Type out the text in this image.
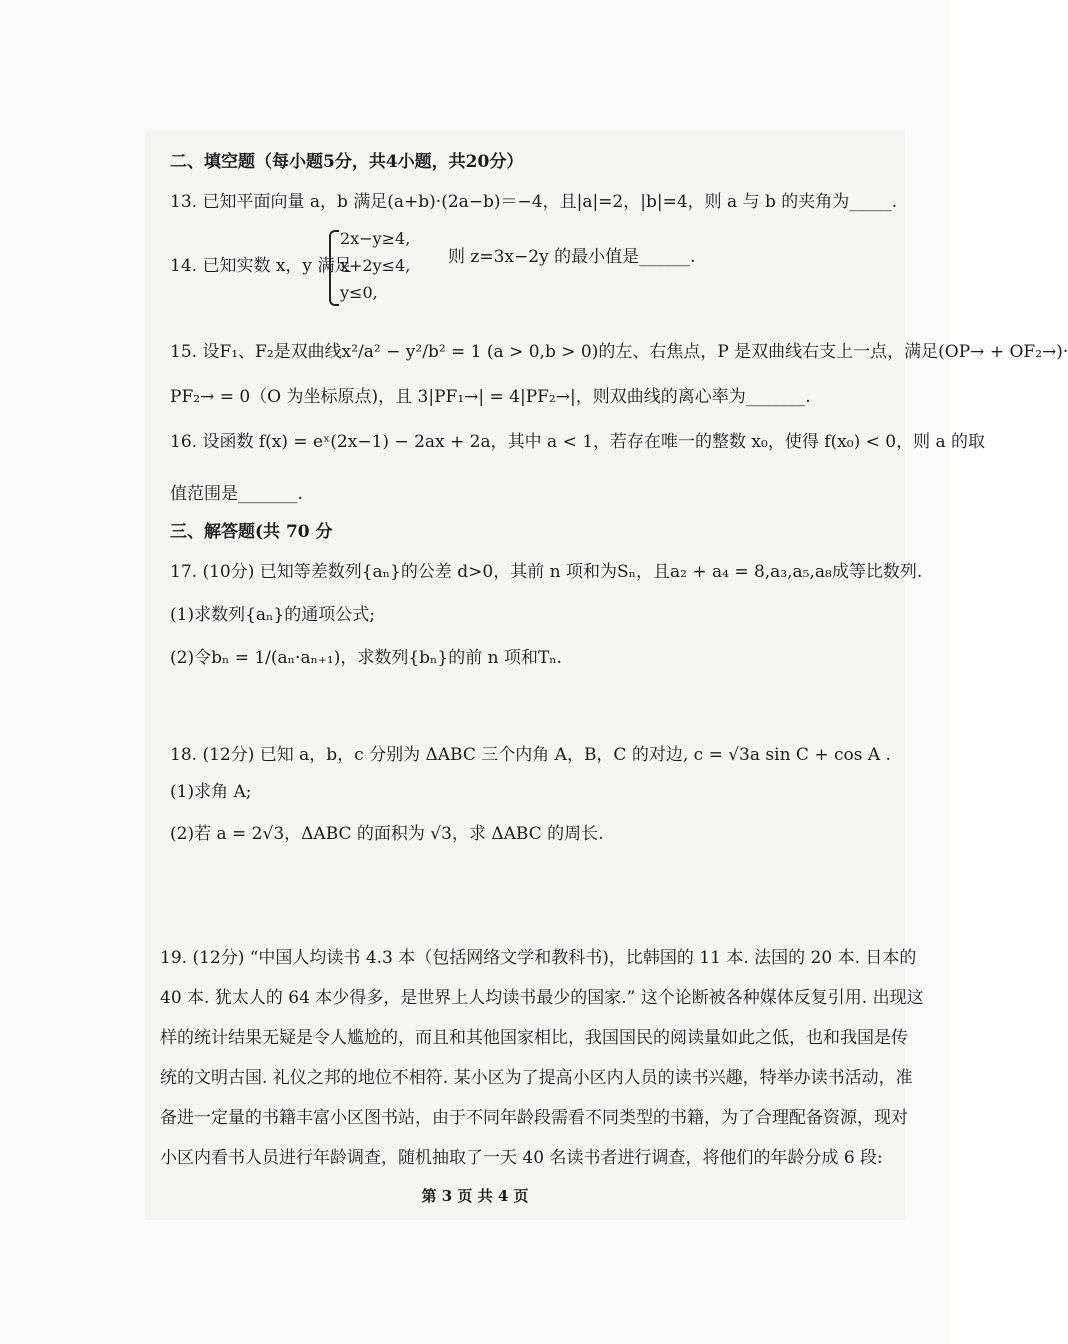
二、填空题（每小题5分，共4小题，共20分）
13. 已知平面向量 a，b 满足(a+b)·(2a−b)＝−4，且|a|=2，|b|=4，则 a 与 b 的夹角为_____.
14. 已知实数 x，y 满足
2x−y≥4,
x+2y≤4,
y≤0,
则 z=3x−2y 的最小值是______.
15. 设F₁、F₂是双曲线x²/a² − y²/b² = 1 (a > 0,b > 0)的左、右焦点，P 是双曲线右支上一点，满足(OP→ + OF₂→)·
PF₂→ = 0（O 为坐标原点)，且 3|PF₁→| = 4|PF₂→|，则双曲线的离心率为_______.
16. 设函数 f(x) = eˣ(2x−1) − 2ax + 2a，其中 a < 1，若存在唯一的整数 x₀，使得 f(x₀) < 0，则 a 的取
值范围是_______.
三、解答题(共 70 分
17. (10分) 已知等差数列{aₙ}的公差 d>0，其前 n 项和为Sₙ，且a₂ + a₄ = 8,a₃,a₅,a₈成等比数列.
(1)求数列{aₙ}的通项公式;
(2)令bₙ = 1/(aₙ·aₙ₊₁)，求数列{bₙ}的前 n 项和Tₙ.
18. (12分) 已知 a，b，c 分别为 ΔABC 三个内角 A，B，C 的对边, c = √3a sin C + cos A .
(1)求角 A;
(2)若 a = 2√3，ΔABC 的面积为 √3，求 ΔABC 的周长.
19. (12分) “中国人均读书 4.3 本（包括网络文学和教科书)，比韩国的 11 本. 法国的 20 本. 日本的
40 本. 犹太人的 64 本少得多，是世界上人均读书最少的国家.” 这个论断被各种媒体反复引用. 出现这
样的统计结果无疑是令人尴尬的，而且和其他国家相比，我国国民的阅读量如此之低，也和我国是传
统的文明古国. 礼仪之邦的地位不相符. 某小区为了提高小区内人员的读书兴趣，特举办读书活动，准
备进一定量的书籍丰富小区图书站，由于不同年龄段需看不同类型的书籍，为了合理配备资源，现对
小区内看书人员进行年龄调查，随机抽取了一天 40 名读书者进行调查，将他们的年龄分成 6 段:
第 3 页 共 4 页
